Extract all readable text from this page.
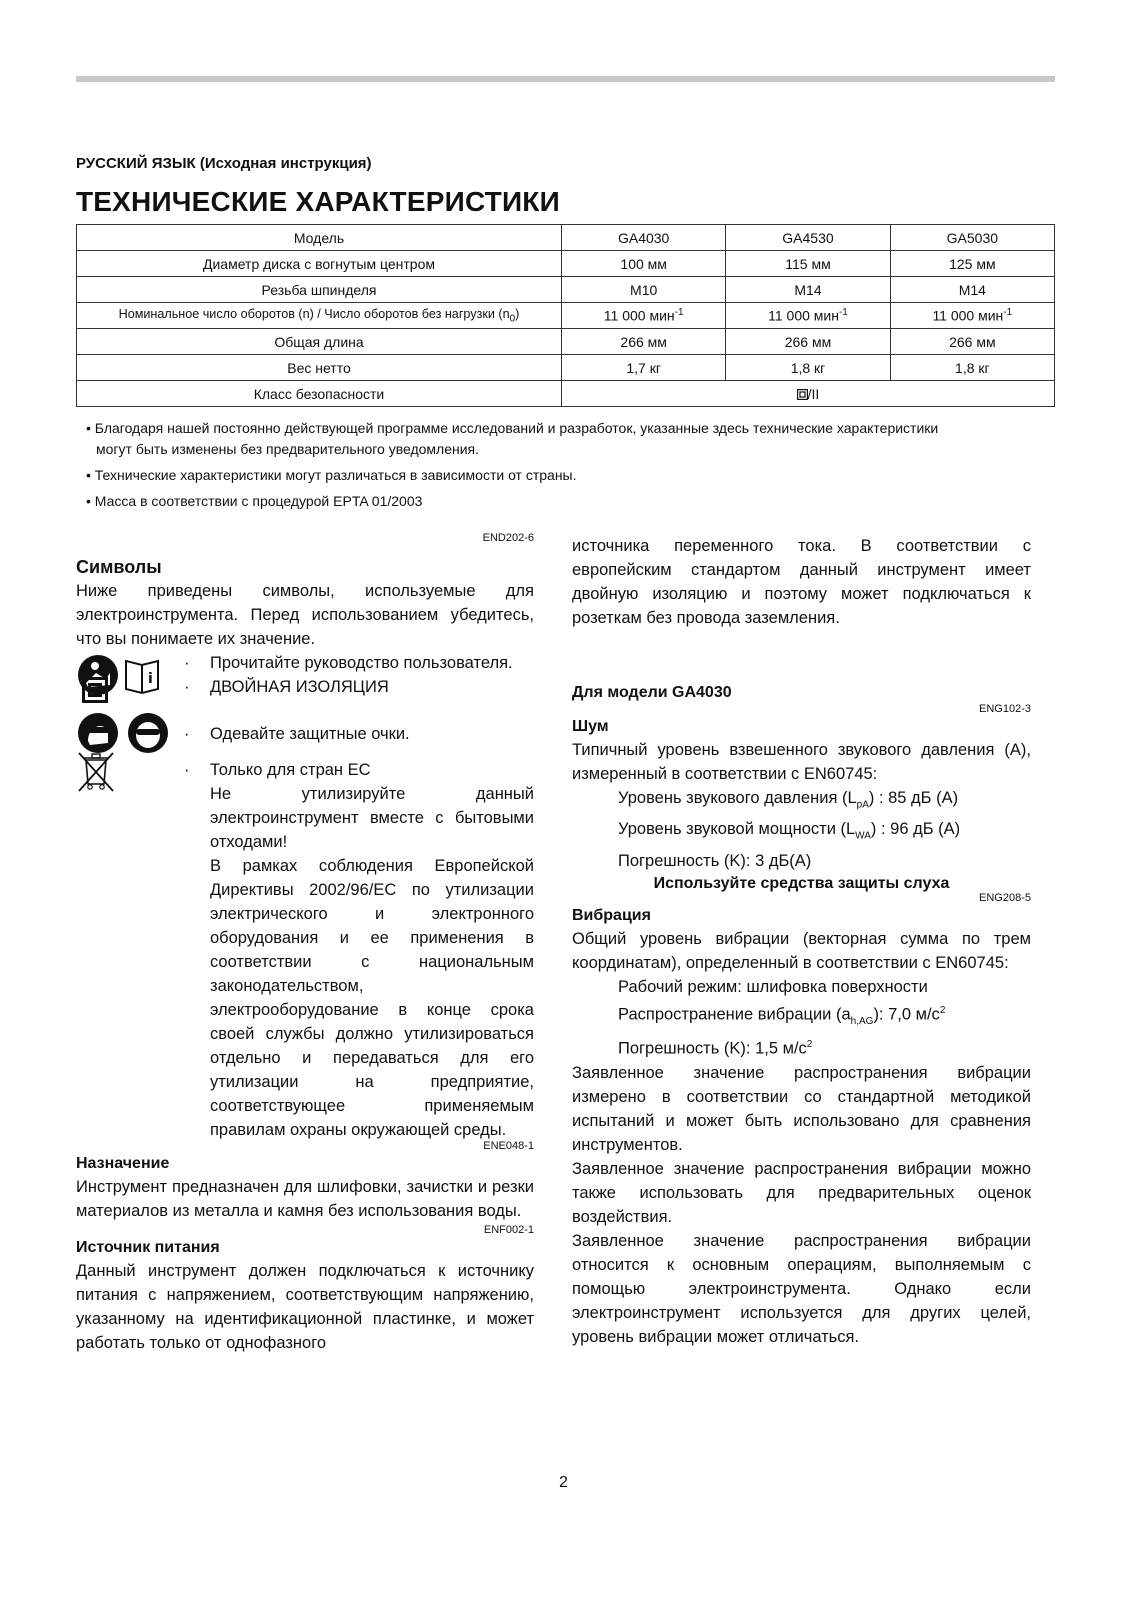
РУССКИЙ ЯЗЫК (Исходная инструкция)
ТЕХНИЧЕСКИЕ ХАРАКТЕРИСТИКИ
Модель	GA4030	GA4530	GA5030
Диаметр диска с вогнутым центром	100 мм	115 мм	125 мм
Резьба шпинделя	M10	M14	M14
Номинальное число оборотов (n) / Число оборотов без нагрузки $(n_0)$	11 000 мин$^{-1}$	11 000 мин$^{-1}$	11 000 мин$^{-1}$
Общая длина	266 мм	266 мм	266 мм
Вес нетто	1,7 кг	1,8 кг	1,8 кг
Класс безопасности	/II		

• Благодаря нашей постоянно действующей программе исследований и разработок, указанные здесь технические характеристики могут быть изменены без предварительного уведомления.

• Технические характеристики могут различаться в зависимости от страны.

• Масса в соответствии с процедурой EPTA 01/2003

END202-6
Символы

Ниже приведены символы, используемые для электроинструмента. Перед использованием убедитесь, что вы понимаете их значение.

i
· Прочитайте руководство пользователя.

· ДВОЙНАЯ ИЗОЛЯЦИЯ

· Одевайте защитные очки.

· Только для стран ЕС

Не утилизируйте данный электроинструмент вместе с бытовыми отходами!

В рамках соблюдения Европейской Директивы 2002/96/EC по утилизации электрического и электронного оборудования и ее применения в соответствии с национальным законодательством, электрооборудование в конце срока своей службы должно утилизироваться отдельно и передаваться для его утилизации на предприятие, соответствующее применяемым правилам охраны окружающей среды.

ENE048-1
Назначение

Инструмент предназначен для шлифовки, зачистки и резки материалов из металла и камня без использования воды.

ENF002-1
Источник питания

Данный инструмент должен подключаться к источнику питания с напряжением, соответствующим напряжению, указанному на идентификационной пластинке, и может работать только от однофазного

источника переменного тока. В соответствии с европейским стандартом данный инструмент имеет двойную изоляцию и поэтому может подключаться к розеткам без провода заземления.

Для модели GA4030
ENG102-3
Шум

Типичный уровень взвешенного звукового давления (A), измеренный в соответствии с EN60745:

Уровень звукового давления $(L_{pA})$ : 85 дБ (A)
Уровень звуковой мощности $(L_{WA})$ : 96 дБ (A)
Погрешность (K): 3 дБ(A)
Используйте средства защиты слуха
ENG208-5
Вибрация

Общий уровень вибрации (векторная сумма по трем координатам), определенный в соответствии с EN60745:

Рабочий режим: шлифовка поверхности
Распространение вибрации $(a_{h,AG})$: 7,0 $м/с^2$
Погрешность (K): 1,5 $м/с^2$

Заявленное значение распространения вибрации измерено в соответствии со стандартной методикой испытаний и может быть использовано для сравнения инструментов.

Заявленное значение распространения вибрации можно также использовать для предварительных оценок воздействия.

Заявленное значение распространения вибрации относится к основным операциям, выполняемым с помощью электроинструмента. Однако если электроинструмент используется для других целей, уровень вибрации может отличаться.

2
